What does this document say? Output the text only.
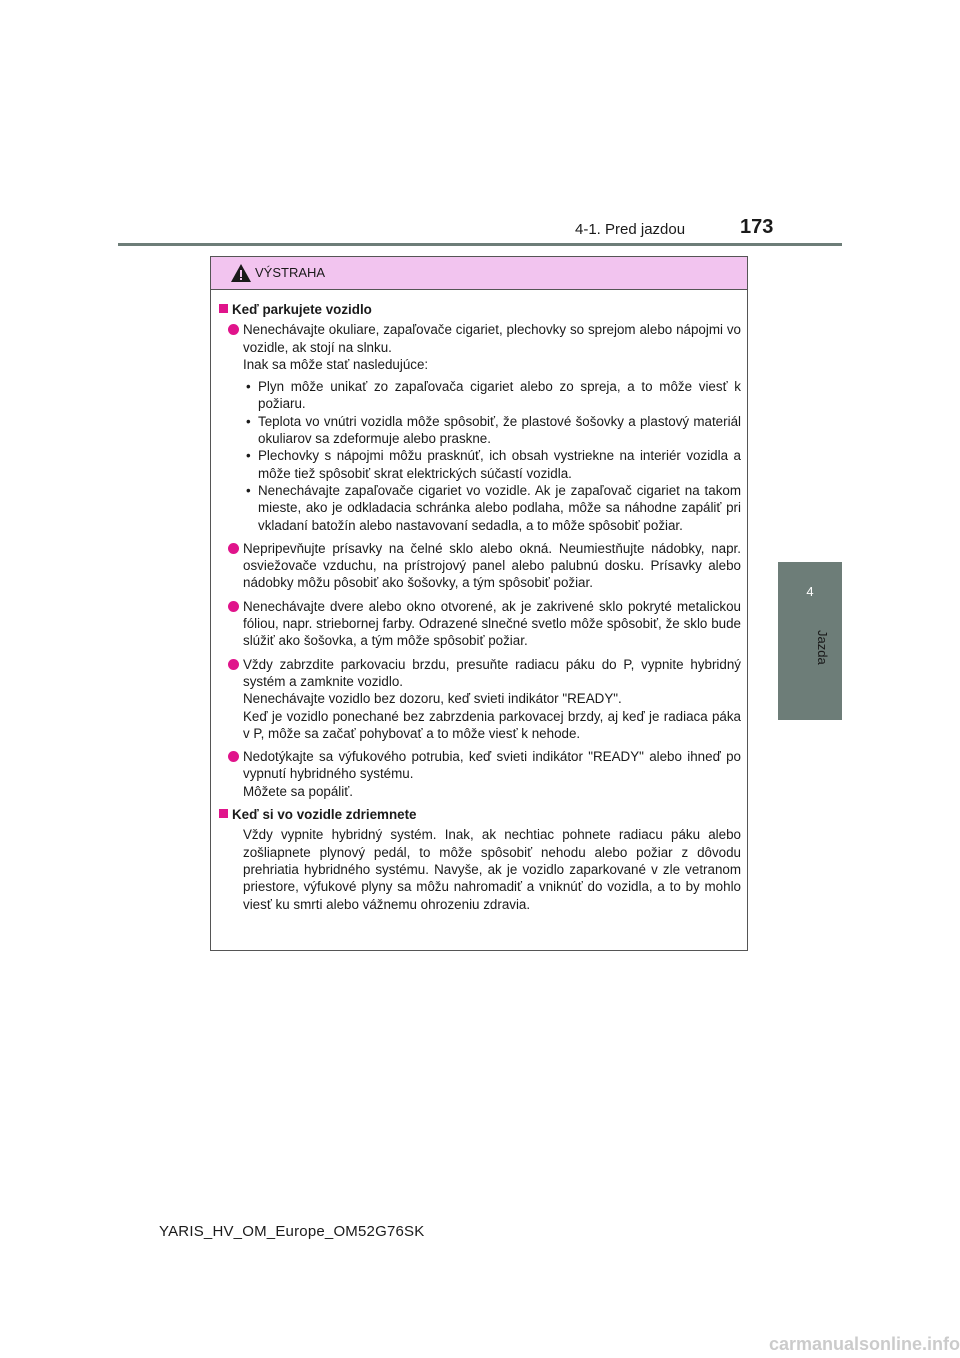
4-1. Pred jazdou	173
4
Jazda
VÝSTRAHA
Keď parkujete vozidlo
Nenechávajte okuliare, zapaľovače cigariet, plechovky so sprejom alebo nápojmi vo vozidle, ak stojí na slnku.
Inak sa môže stať nasledujúce:
• Plyn môže unikať zo zapaľovača cigariet alebo zo spreja, a to môže viesť k požiaru.
• Teplota vo vnútri vozidla môže spôsobiť, že plastové šošovky a plastový materiál okuliarov sa zdeformuje alebo praskne.
• Plechovky s nápojmi môžu prasknúť, ich obsah vystriekne na interiér vozidla a môže tiež spôsobiť skrat elektrických súčastí vozidla.
• Nenechávajte zapaľovače cigariet vo vozidle. Ak je zapaľovač cigariet na takom mieste, ako je odkladacia schránka alebo podlaha, môže sa náhodne zapáliť pri vkladaní batožín alebo nastavovaní sedadla, a to môže spôsobiť požiar.
Nepripevňujte prísavky na čelné sklo alebo okná. Neumiestňujte nádobky, napr. osviežovače vzduchu, na prístrojový panel alebo palubnú dosku. Prísavky alebo nádobky môžu pôsobiť ako šošovky, a tým spôsobiť požiar.
Nenechávajte dvere alebo okno otvorené, ak je zakrivené sklo pokryté metalickou fóliou, napr. striebornej farby. Odrazené slnečné svetlo môže spôsobiť, že sklo bude slúžiť ako šošovka, a tým môže spôsobiť požiar.
Vždy zabrzdite parkovaciu brzdu, presuňte radiacu páku do P, vypnite hybridný systém a zamknite vozidlo.
Nenechávajte vozidlo bez dozoru, keď svieti indikátor "READY".
Keď je vozidlo ponechané bez zabrzdenia parkovacej brzdy, aj keď je radiaca páka v P, môže sa začať pohybovať a to môže viesť k nehode.
Nedotýkajte sa výfukového potrubia, keď svieti indikátor "READY" alebo ihneď po vypnutí hybridného systému.
Môžete sa popáliť.
Keď si vo vozidle zdriemnete
Vždy vypnite hybridný systém. Inak, ak nechtiac pohnete radiacu páku alebo zošliapnete plynový pedál, to môže spôsobiť nehodu alebo požiar z dôvodu prehriatia hybridného systému. Navyše, ak je vozidlo zaparkované v zle vetranom priestore, výfukové plyny sa môžu nahromadiť a vniknúť do vozidla, a to by mohlo viesť ku smrti alebo vážnemu ohrozeniu zdravia.
YARIS_HV_OM_Europe_OM52G76SK
carmanualsonline.info
